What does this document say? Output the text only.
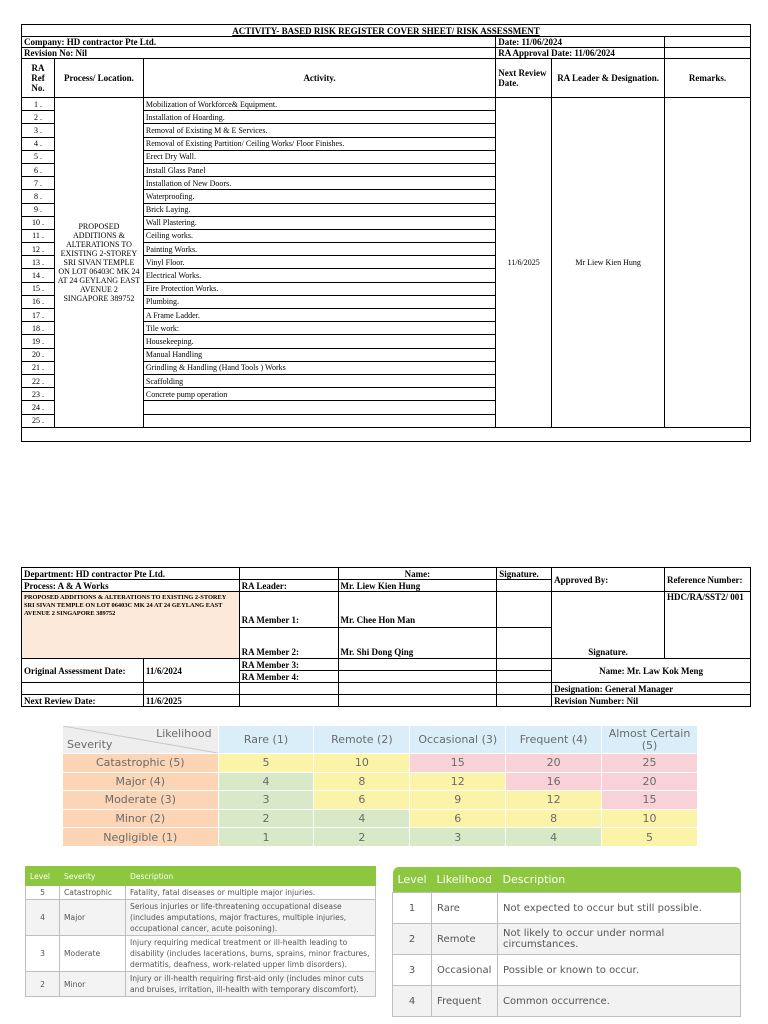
ACTIVITY- BASED RISK REGISTER COVER SHEET/ RISK ASSESSMENT					
Company: HD contractor Pte Ltd.			Date: 11/06/2024		
Revision No: Nil			RA Approval Date: 11/06/2024		
RA Ref No.	Process/ Location.	Activity.	Next Review Date.	RA Leader & Designation.	Remarks.
1 .	PROPOSED ADDITIONS & ALTERATIONS TO EXISTING 2-STOREY SRI SIVAN TEMPLE ON LOT 06403C MK 24 AT 24 GEYLANG EAST AVENUE 2 SINGAPORE 389752	Mobilization of Workforce& Equipment.	11/6/2025	Mr Liew Kien Hung	
2 .		Installation of Hoarding.			
3 .		Removal of Existing M & E Services.			
4 .		Removal of Existing Partition/ Ceiling Works/ Floor Finishes.			
5 .		Erect Dry Wall.			
6 .		Install Glass Panel			
7 .		Installation of New Doors.			
8 .		Waterproofing.			
9 .		Brick Laying.			
10 .		Wall Plastering.			
11 .		Ceiling works.			
12 .		Painting Works.			
13 .		Vinyl Floor.			
14 .		Electrical Works.			
15 .		Fire Protection Works.			
16 .		Plumbing.			
17 .		A Frame Ladder.			
18 .		Tile work:			
19 .		Housekeeping.			
20 .		Manual Handling			
21 .		Grindling & Handling (Hand Tools ) Works			
22 .		Scaffolding			
23 .		Concrete pump operation			
24 .					
25 .					

Department: HD contractor Pte Ltd.			Name:	Signature.	Approved By:	Reference Number:
Process: A & A Works		RA Leader:	Mr. Liew Kien Hung			
PROPOSED ADDITIONS & ALTERATIONS TO EXISTING 2-STOREY SRI SIVAN TEMPLE ON LOT 06403C MK 24 AT 24 GEYLANG EAST AVENUE 2 SINGAPORE 389752		RA Member 1:	Mr. Chee Hon Man		Signature.	HDC/RA/SST2/ 001
		RA Member 2:	Mr. Shi Dong Qing			
Original Assessment Date:	11/6/2024	RA Member 3:			Name: Mr. Law Kok Meng	
		RA Member 4:				
					Designation: General Manager	
Next Review Date:	11/6/2025				Revision Number: Nil	
Likelihood
Severity	Rare (1)	Remote (2)	Occasional (3)	Frequent (4)	Almost Certain (5)
Catastrophic (5)	5	10	15	20	25
Major (4)	4	8	12	16	20
Moderate (3)	3	6	9	12	15
Minor (2)	2	4	6	8	10
Negligible (1)	1	2	3	4	5
Level	Severity	Description
5	Catastrophic	Fatality, fatal diseases or multiple major injuries.
4	Major	Serious injuries or life-threatening occupational disease (includes amputations, major fractures, multiple injuries, occupational cancer, acute poisoning).
3	Moderate	Injury requiring medical treatment or ill-health leading to disability (includes lacerations, burns, sprains, minor fractures, dermatitis, deafness, work-related upper limb disorders).
2	Minor	Injury or ill-health requiring first-aid only (includes minor cuts and bruises, irritation, ill-health with temporary discomfort).
Level	Likelihood	Description
1	Rare	Not expected to occur but still possible.
2	Remote	Not likely to occur under normal circumstances.
3	Occasional	Possible or known to occur.
4	Frequent	Common occurrence.
